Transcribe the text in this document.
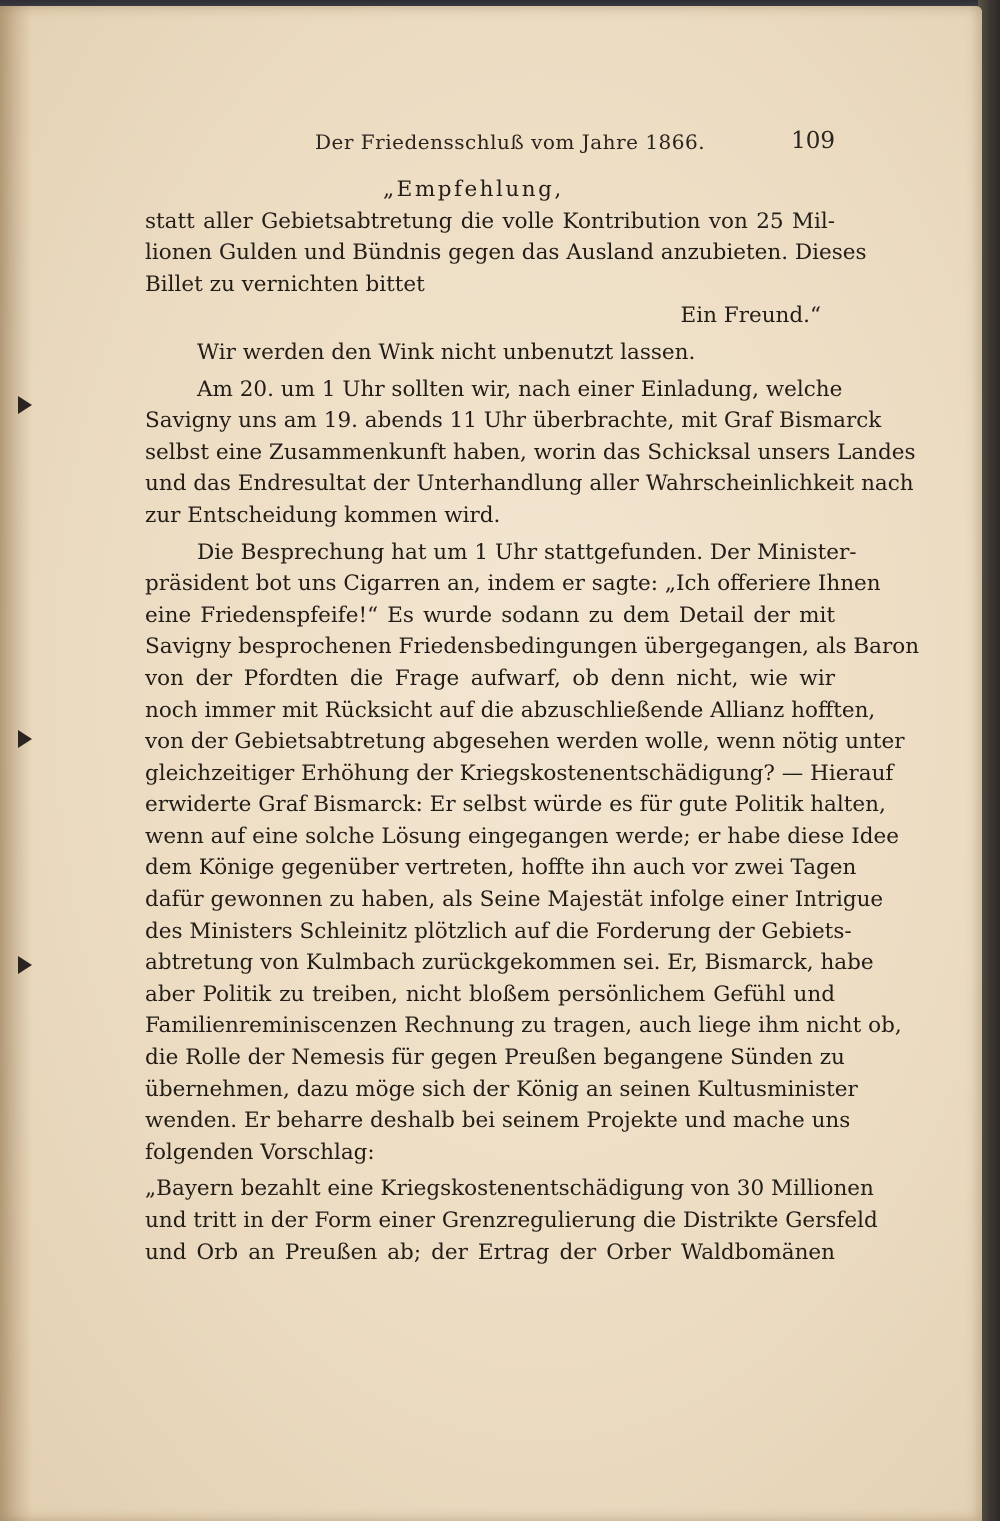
Der Friedensschluß vom Jahre 1866.	109
„Empfehlung,
statt aller Gebietsabtretung die volle Kontribution von 25 Mil-
lionen Gulden und Bündnis gegen das Ausland anzubieten. Dieses
Billet zu vernichten bittet
Ein Freund.“
Wir werden den Wink nicht unbenutzt lassen.
Am 20. um 1 Uhr sollten wir, nach einer Einladung, welche
Savigny uns am 19. abends 11 Uhr überbrachte, mit Graf Bismarck
selbst eine Zusammenkunft haben, worin das Schicksal unsers Landes
und das Endresultat der Unterhandlung aller Wahrscheinlichkeit nach
zur Entscheidung kommen wird.
Die Besprechung hat um 1 Uhr stattgefunden. Der Minister-
präsident bot uns Cigarren an, indem er sagte: „Ich offeriere Ihnen
eine Friedenspfeife!“ Es wurde sodann zu dem Detail der mit
Savigny besprochenen Friedensbedingungen übergegangen, als Baron
von der Pfordten die Frage aufwarf, ob denn nicht, wie wir
noch immer mit Rücksicht auf die abzuschließende Allianz hofften,
von der Gebietsabtretung abgesehen werden wolle, wenn nötig unter
gleichzeitiger Erhöhung der Kriegskostenentschädigung? — Hierauf
erwiderte Graf Bismarck: Er selbst würde es für gute Politik halten,
wenn auf eine solche Lösung eingegangen werde; er habe diese Idee
dem Könige gegenüber vertreten, hoffte ihn auch vor zwei Tagen
dafür gewonnen zu haben, als Seine Majestät infolge einer Intrigue
des Ministers Schleinitz plötzlich auf die Forderung der Gebiets-
abtretung von Kulmbach zurückgekommen sei. Er, Bismarck, habe
aber Politik zu treiben, nicht bloßem persönlichem Gefühl und
Familienreminiscenzen Rechnung zu tragen, auch liege ihm nicht ob,
die Rolle der Nemesis für gegen Preußen begangene Sünden zu
übernehmen, dazu möge sich der König an seinen Kultusminister
wenden. Er beharre deshalb bei seinem Projekte und mache uns
folgenden Vorschlag:
„Bayern bezahlt eine Kriegskostenentschädigung von 30 Millionen
und tritt in der Form einer Grenzregulierung die Distrikte Gersfeld
und Orb an Preußen ab; der Ertrag der Orber Waldbomänen
